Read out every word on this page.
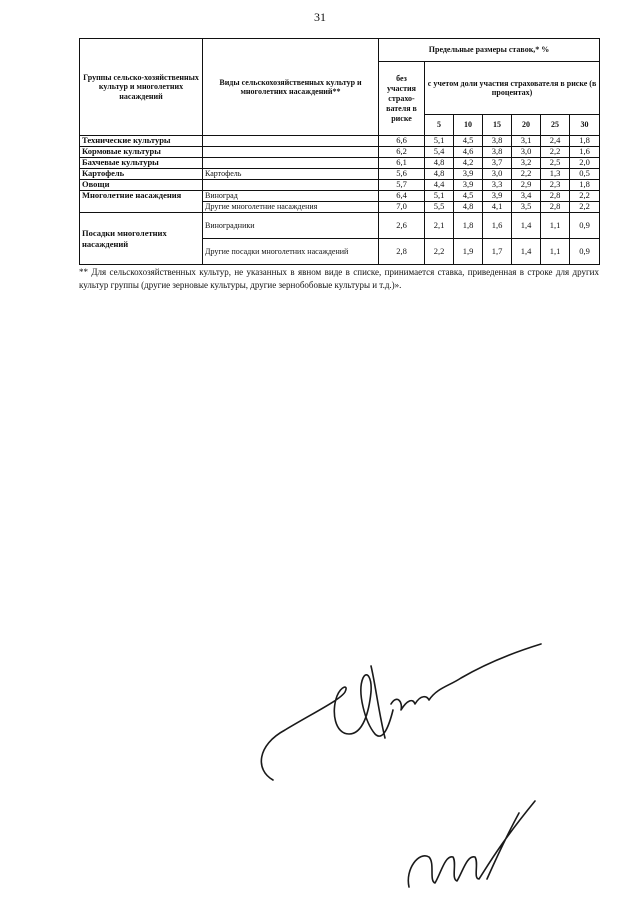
31
Группы сельско-хозяйственных культур и многолетних насаждений	Виды сельскохозяйственных культур и многолетних насаждений**	Предельные размеры ставок,* %						
		без участия страхо-вателя в риске	с учетом доли участия страхователя в риске (в процентах)					
			5	10	15	20	25	30
Технические культуры		6,6	5,1	4,5	3,8	3,1	2,4	1,8
Кормовые культуры		6,2	5,4	4,6	3,8	3,0	2,2	1,6
Бахчевые культуры		6,1	4,8	4,2	3,7	3,2	2,5	2,0
Картофель	Картофель	5,6	4,8	3,9	3,0	2,2	1,3	0,5
Овощи		5,7	4,4	3,9	3,3	2,9	2,3	1,8
Многолетние насаждения	Виноград	6,4	5,1	4,5	3,9	3,4	2,8	2,2
	Другие многолетние насаждения	7,0	5,5	4,8	4,1	3,5	2,8	2,2
Посадки многолетних насаждений	Виноградники	2,6	2,1	1,8	1,6	1,4	1,1	0,9
	Другие посадки многолетних насаждений	2,8	2,2	1,9	1,7	1,4	1,1	0,9
** Для сельскохозяйственных культур, не указанных в явном виде в списке, принимается ставка, приведенная в строке для других культур группы (другие зерновые культуры, другие зернобобовые культуры и т.д.)».
